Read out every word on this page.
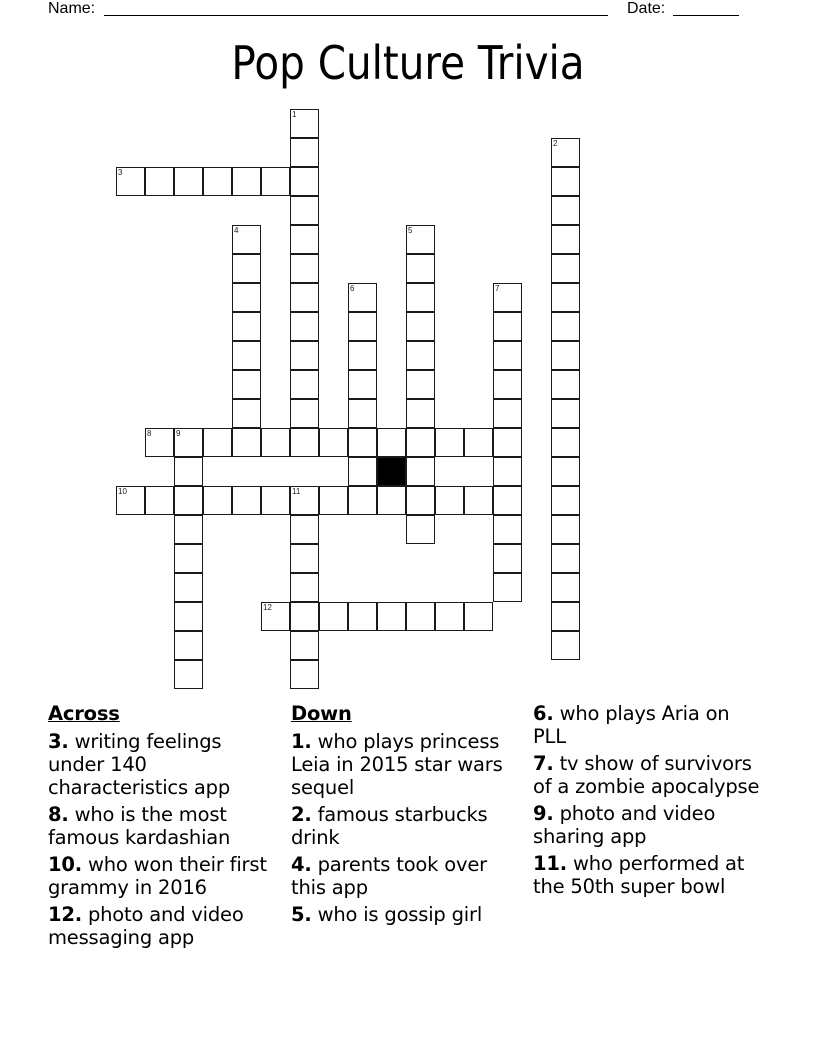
Name:	Date:
Pop Culture Trivia
1
2
3
4	5
6	7
8	9
10	11
12
Across
3. writing feelings under 140 characteristics app
8. who is the most famous kardashian
10. who won their first grammy in 2016
12. photo and video messaging app
Down
1. who plays princess Leia in 2015 star wars sequel
2. famous starbucks drink
4. parents took over this app
5. who is gossip girl
6. who plays Aria on PLL
7. tv show of survivors of a zombie apocalypse
9. photo and video sharing app
11. who performed at the 50th super bowl
